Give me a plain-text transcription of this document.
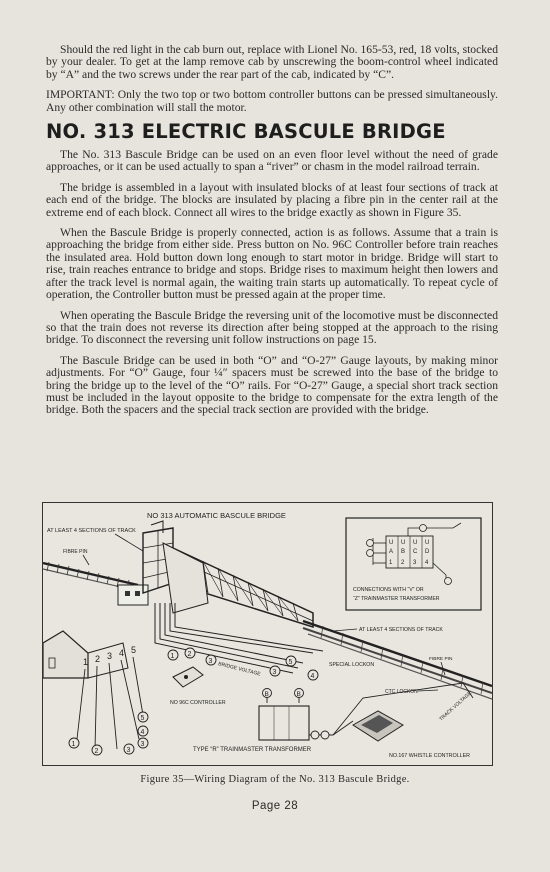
Should the red light in the cab burn out, replace with Lionel No. 165-53, red, 18 volts, stocked by your dealer. To get at the lamp remove cab by unscrewing the boom-control wheel indicated by “A” and the two screws under the rear part of the cab, indicated by “C”.

IMPORTANT: Only the two top or two bottom controller buttons can be pressed simultaneously. Any other combination will stall the motor.

NO. 313 ELECTRIC BASCULE BRIDGE

The No. 313 Bascule Bridge can be used on an even floor level without the need of grade approaches, or it can be used actually to span a “river” or chasm in the model railroad terrain.

The bridge is assembled in a layout with insulated blocks of at least four sections of track at each end of the bridge. The blocks are insulated by placing a fibre pin in the center rail at the extreme end of each block. Connect all wires to the bridge exactly as shown in Figure 35.

When the Bascule Bridge is properly connected, action is as follows. Assume that a train is approaching the bridge from either side. Press button on No. 96C Controller before train reaches the insulated area. Hold button down long enough to start motor in bridge. Bridge will start to rise, train reaches entrance to bridge and stops. Bridge rises to maximum height then lowers and after the track level is normal again, the waiting train starts up automatically. To repeat cycle of operation, the Controller button must be pressed again at the proper time.

When operating the Bascule Bridge the reversing unit of the locomotive must be disconnected so that the train does not reverse its direction after being stopped at the approach to the rising bridge. To disconnect the reversing unit follow instructions on page 15.

The Bascule Bridge can be used in both “O” and “O-27” Gauge layouts, by making minor adjustments. For “O” Gauge, four ¼″ spacers must be screwed into the base of the bridge to bring the bridge up to the level of the “O” rails. For “O-27” Gauge, a special short track section must be included in the layout opposite to the bridge to compensate for the extra length of the bridge. Both the spacers and the special track section are provided with the bridge.

NO 313 AUTOMATIC BASCULE BRIDGE
AT LEAST 4 SECTIONS OF TRACK
FIBRE PIN
AT LEAST 4 SECTIONS OF TRACK
SPECIAL LOCKON
FIBRE PIN
CTC LOCKON
U
A
U
B
U
C
U
D
1 2 3 4
CONNECTIONS WITH “V” OR
“Z” TRAINMASTER TRANSFORMER
NO 96C CONTROLLER
1 2 3 4 5
1
2	3
3
4
5
1 2
3
3
5
4
BRIDGE VOLTAGE
B	B
TYPE “R” TRAINMASTER TRANSFORMER
NO.167 WHISTLE CONTROLLER
TRACK VOLTAGE
Figure 35—Wiring Diagram of the No. 313 Bascule Bridge.
Page 28
